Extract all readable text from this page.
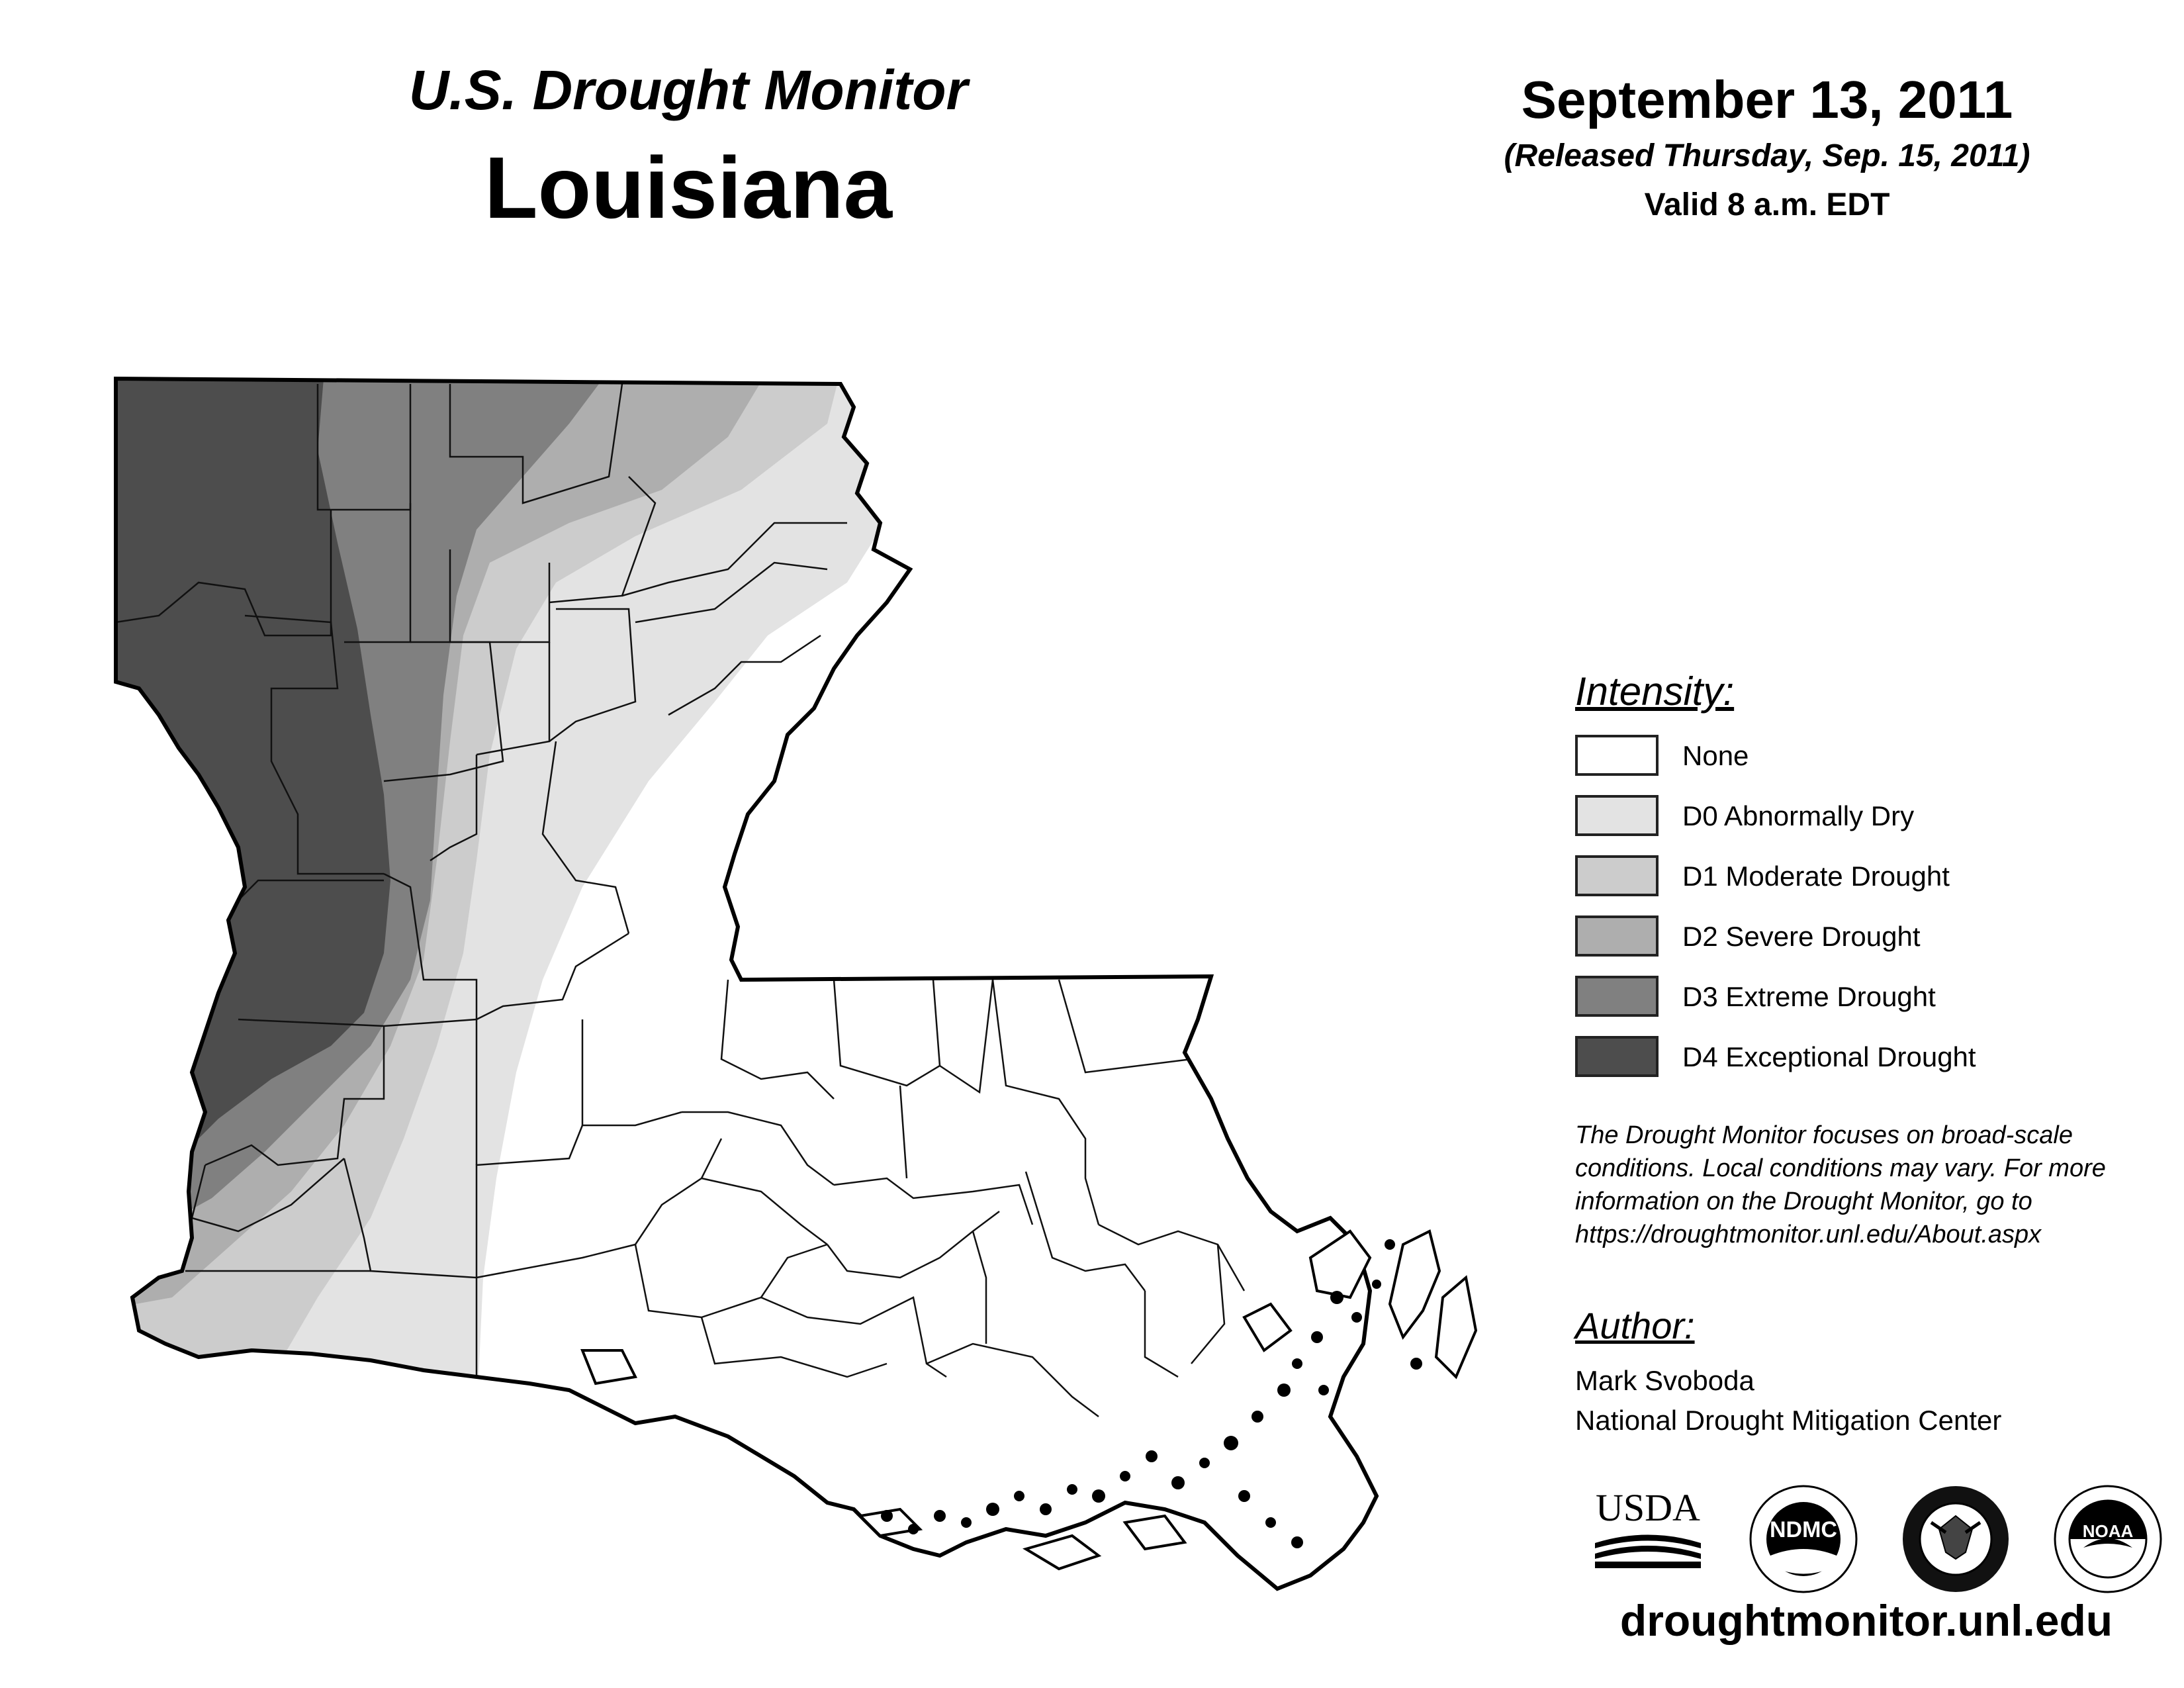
U.S. Drought Monitor
Louisiana
September 13, 2011
(Released Thursday, Sep. 15, 2011)
Valid 8 a.m. EDT
Intensity:
None
D0 Abnormally Dry
D1 Moderate Drought
D2 Severe Drought
D3 Extreme Drought
D4 Exceptional Drought
The Drought Monitor focuses on broad-scale conditions. Local conditions may vary. For more information on the Drought Monitor, go to https://droughtmonitor.unl.edu/About.aspx
Author:
Mark Svoboda
National Drought Mitigation Center
USDA
NDMC	NOAA
droughtmonitor.unl.edu
